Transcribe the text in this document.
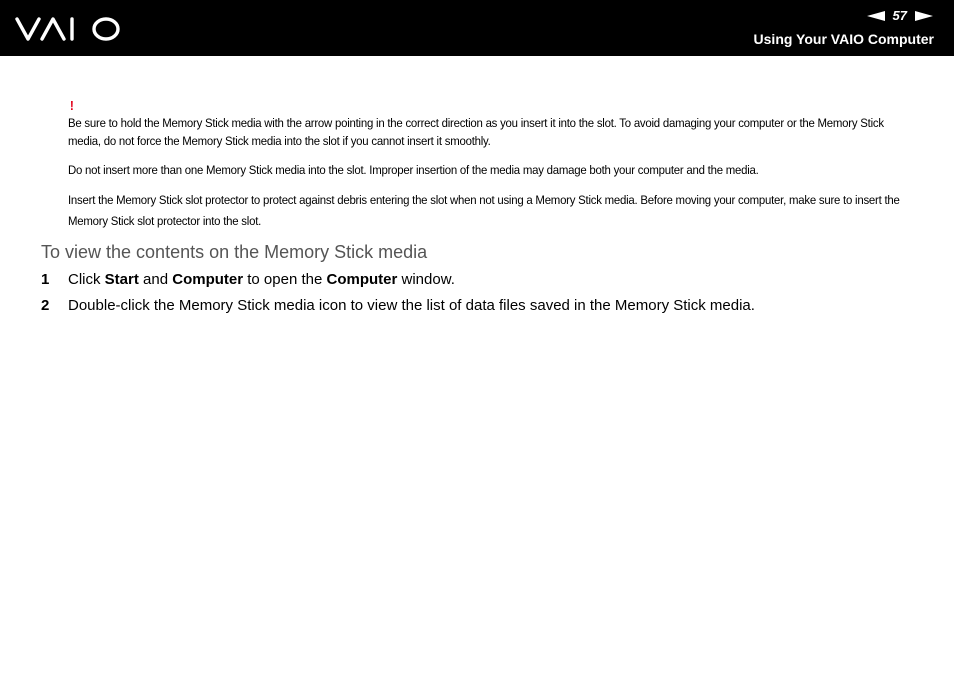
57
Using Your VAIO Computer
!

Be sure to hold the Memory Stick media with the arrow pointing in the correct direction as you insert it into the slot. To avoid damaging your computer or the Memory Stick media, do not force the Memory Stick media into the slot if you cannot insert it smoothly.

Do not insert more than one Memory Stick media into the slot. Improper insertion of the media may damage both your computer and the media.

Insert the Memory Stick slot protector to protect against debris entering the slot when not using a Memory Stick media. Before moving your computer, make sure to insert the Memory Stick slot protector into the slot.

To view the contents on the Memory Stick media
1 Click Start and Computer to open the Computer window.
2 Double-click the Memory Stick media icon to view the list of data files saved in the Memory Stick media.
